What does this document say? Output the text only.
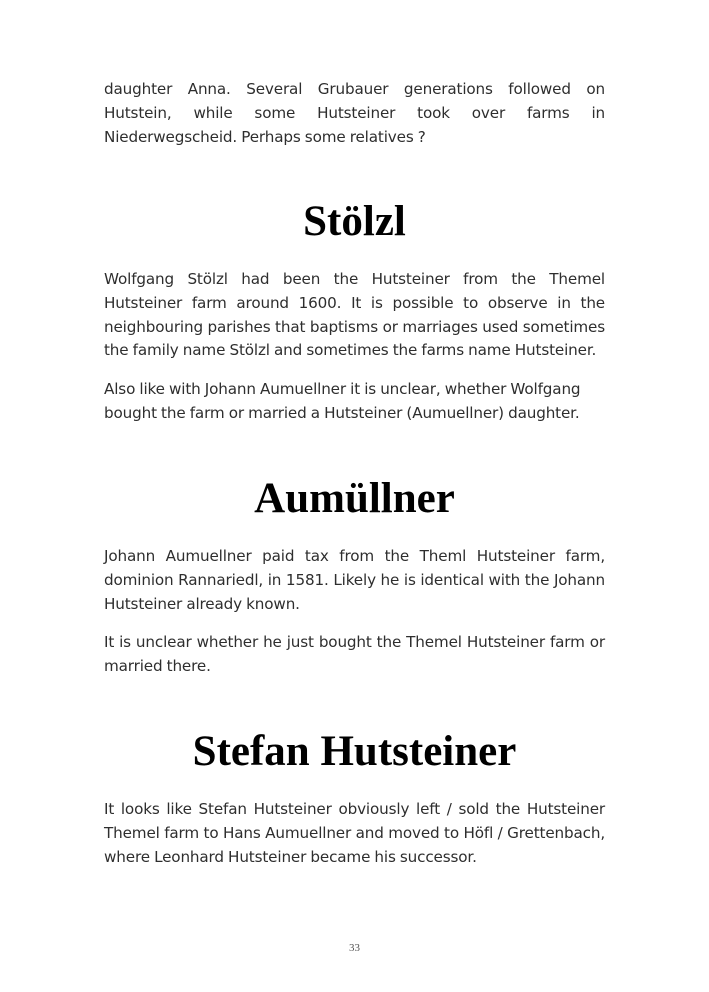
daughter Anna. Several Grubauer generations followed on Hutstein, while some Hutsteiner took over farms in Niederwegscheid. Perhaps some relatives ?

Stölzl

Wolfgang Stölzl had been the Hutsteiner from the Themel Hutsteiner farm around 1600. It is possible to observe in the neighbouring parishes that baptisms or marriages used sometimes the family name Stölzl and sometimes the farms name Hutsteiner.

Also like with Johann Aumuellner it is unclear, whether Wolfgang bought the farm or married a Hutsteiner (Aumuellner) daughter.

Aumüllner

Johann Aumuellner paid tax from the Theml Hutsteiner farm, dominion Rannariedl, in 1581. Likely he is identical with the Johann Hutsteiner already known.

It is unclear whether he just bought the Themel Hutsteiner farm or married there.

Stefan Hutsteiner

It looks like Stefan Hutsteiner obviously left / sold the Hutsteiner Themel farm to Hans Aumuellner and moved to Höfl / Grettenbach, where Leonhard Hutsteiner became his successor.

33
